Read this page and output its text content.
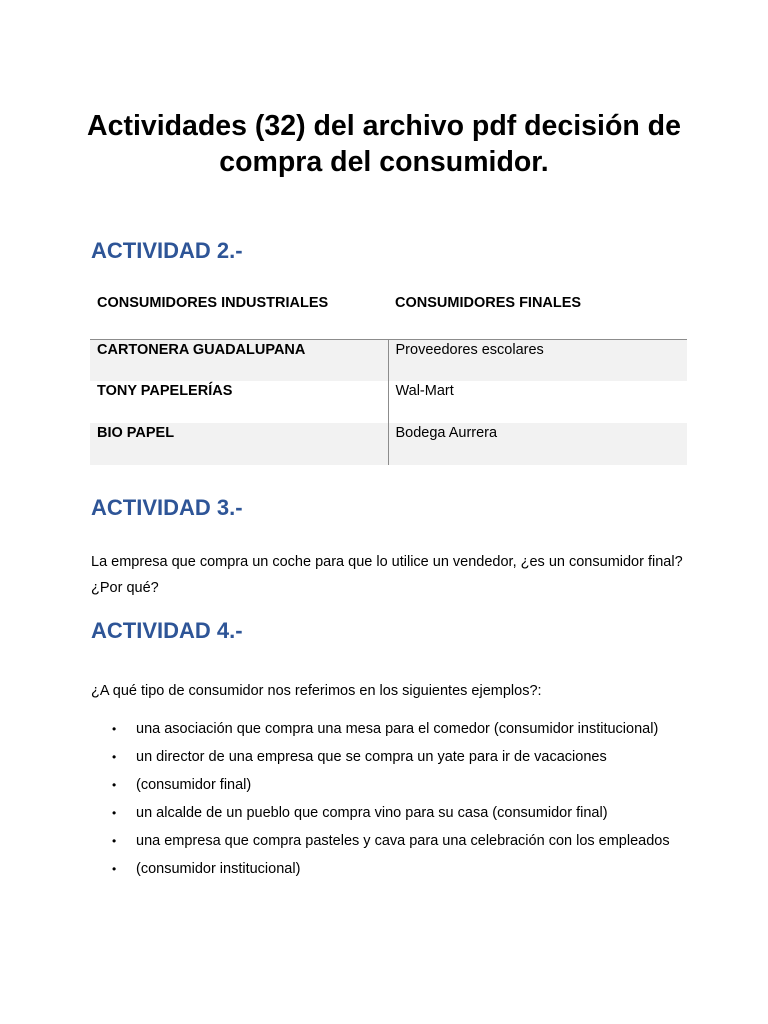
Actividades (32) del archivo pdf decisión de compra del consumidor.
ACTIVIDAD 2.-
CONSUMIDORES INDUSTRIALES	CONSUMIDORES FINALES
CARTONERA GUADALUPANA	Proveedores escolares
TONY PAPELERÍAS	Wal-Mart
BIO PAPEL	Bodega Aurrera
ACTIVIDAD 3.-

La empresa que compra un coche para que lo utilice un vendedor, ¿es un consumidor final? ¿Por qué?

ACTIVIDAD 4.-

¿A qué tipo de consumidor nos referimos en los siguientes ejemplos?:

• una asociación que compra una mesa para el comedor (consumidor institucional)
• un director de una empresa que se compra un yate para ir de vacaciones
• (consumidor final)
• un alcalde de un pueblo que compra vino para su casa (consumidor final)
• una empresa que compra pasteles y cava para una celebración con los empleados
• (consumidor institucional)
